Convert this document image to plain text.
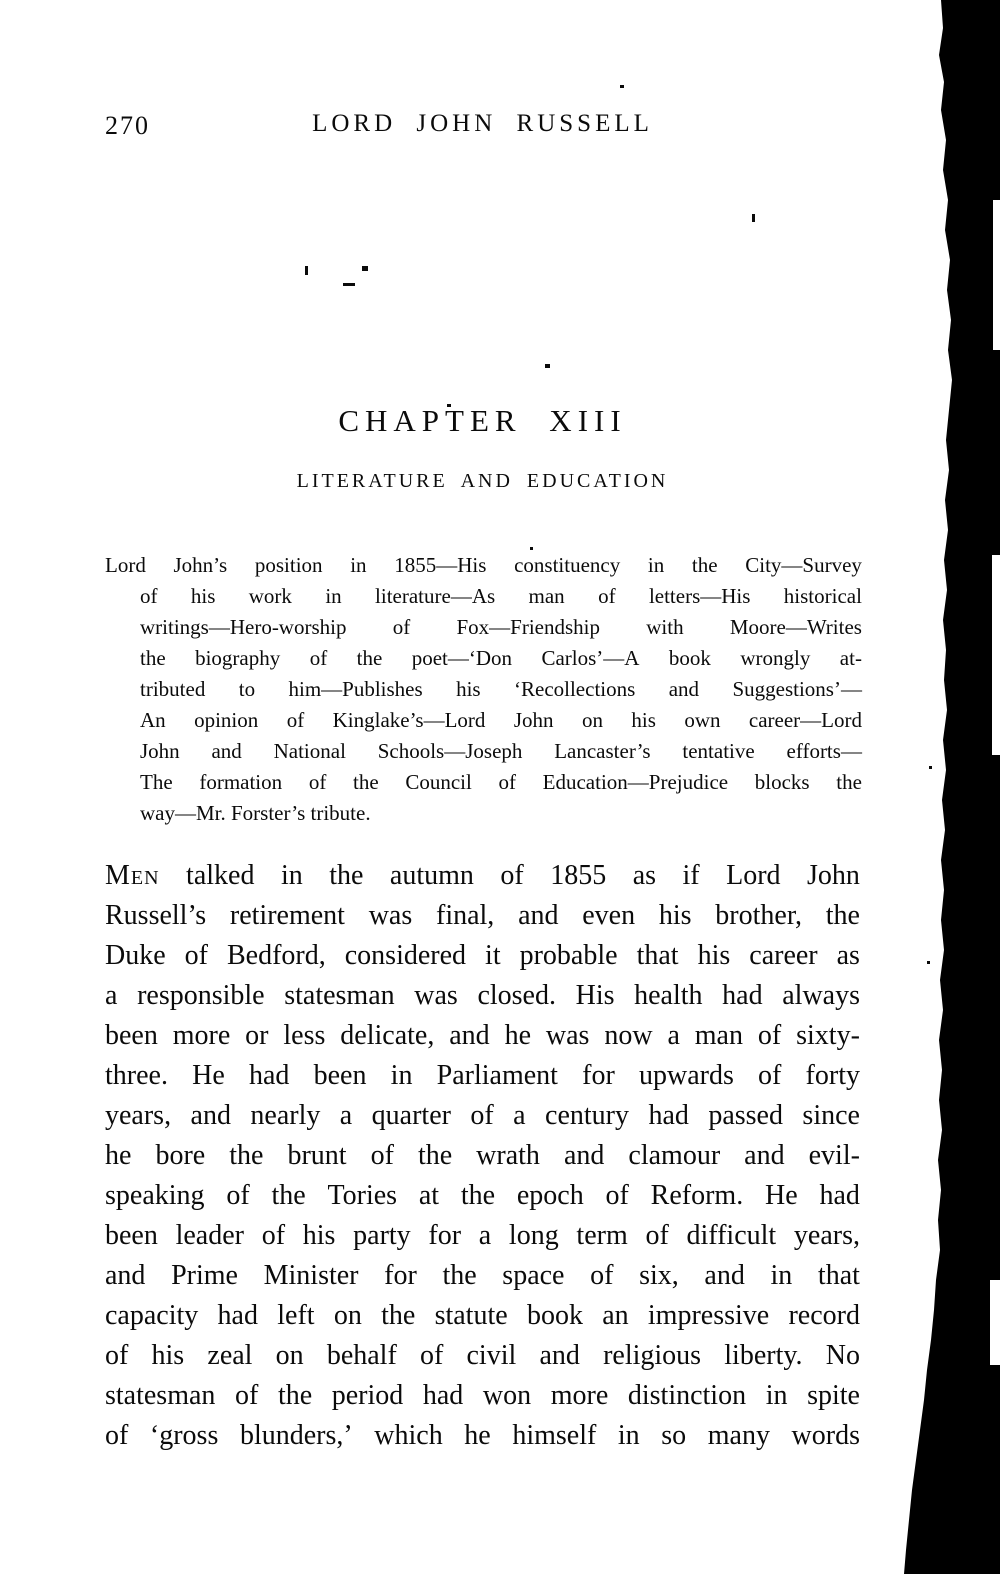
270	LORD JOHN RUSSELL
CHAPTER XIII
LITERATURE AND EDUCATION
Lord John’s position in 1855—His constituency in the City—Survey
of his work in literature—As man of letters—His historical
writings—Hero-worship of Fox—Friendship with Moore—Writes
the biography of the poet—‘Don Carlos’—A book wrongly at-
tributed to him—Publishes his ‘Recollections and Suggestions’—
An opinion of Kinglake’s—Lord John on his own career—Lord
John and National Schools—Joseph Lancaster’s tentative efforts—
The formation of the Council of Education—Prejudice blocks the
way—Mr. Forster’s tribute.
Men talked in the autumn of 1855 as if Lord John
Russell’s retirement was final, and even his brother, the
Duke of Bedford, considered it probable that his career as
a responsible statesman was closed. His health had always
been more or less delicate, and he was now a man of sixty-
three. He had been in Parliament for upwards of forty
years, and nearly a quarter of a century had passed since
he bore the brunt of the wrath and clamour and evil-
speaking of the Tories at the epoch of Reform. He had
been leader of his party for a long term of difficult years,
and Prime Minister for the space of six, and in that
capacity had left on the statute book an impressive record
of his zeal on behalf of civil and religious liberty. No
statesman of the period had won more distinction in spite
of ‘gross blunders,’ which he himself in so many words
